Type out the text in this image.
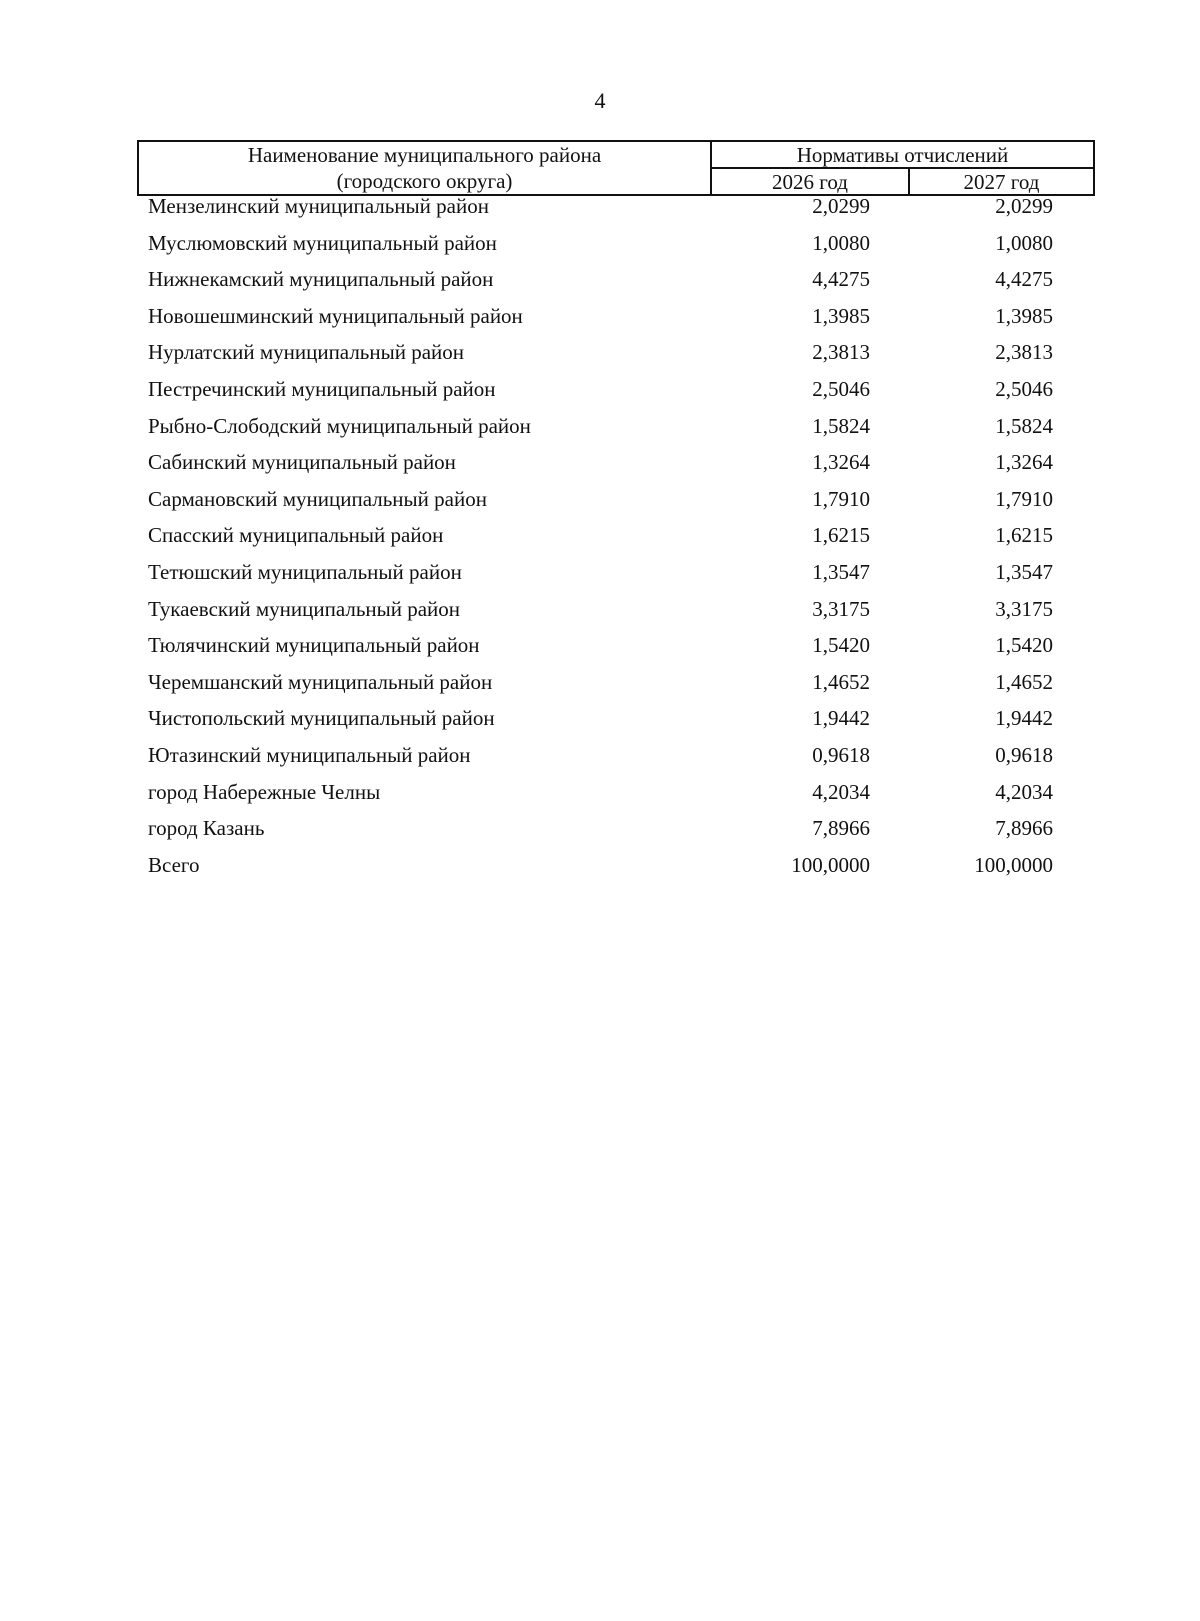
4
Наименование муниципального района
(городского округа)	Нормативы отчислений	
	2026 год	2027 год
Мензелинский муниципальный район	2,0299	2,0299
Муслюмовский муниципальный район	1,0080	1,0080
Нижнекамский муниципальный район	4,4275	4,4275
Новошешминский муниципальный район	1,3985	1,3985
Нурлатский муниципальный район	2,3813	2,3813
Пестречинский муниципальный район	2,5046	2,5046
Рыбно-Слободский муниципальный район	1,5824	1,5824
Сабинский муниципальный район	1,3264	1,3264
Сармановский муниципальный район	1,7910	1,7910
Спасский муниципальный район	1,6215	1,6215
Тетюшский муниципальный район	1,3547	1,3547
Тукаевский муниципальный район	3,3175	3,3175
Тюлячинский муниципальный район	1,5420	1,5420
Черемшанский муниципальный район	1,4652	1,4652
Чистопольский муниципальный район	1,9442	1,9442
Ютазинский муниципальный район	0,9618	0,9618
город Набережные Челны	4,2034	4,2034
город Казань	7,8966	7,8966
Всего	100,0000	100,0000
